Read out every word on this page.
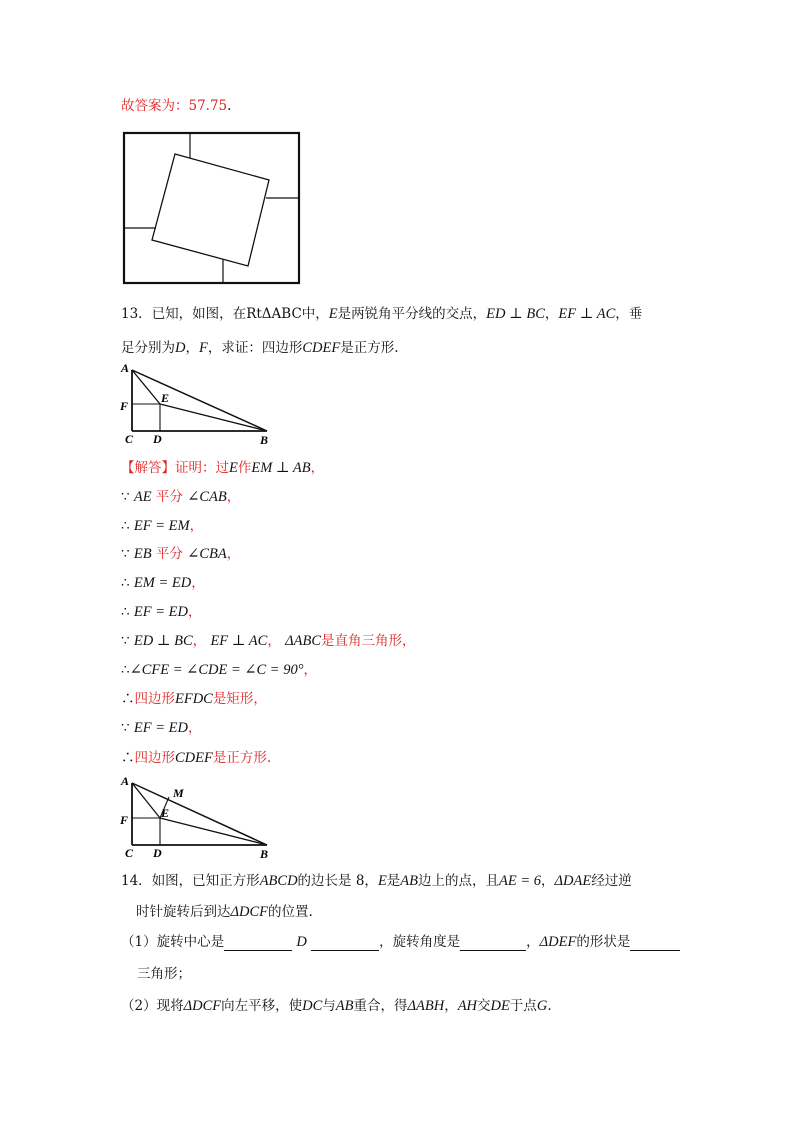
故答案为：57.75.
13．已知，如图，在RtΔABC中，E是两锐角平分线的交点，ED ⊥ BC，EF ⊥ AC，垂
足分别为D，F，求证：四边形CDEF是正方形.
A
E
F
C D	B
【解答】证明：过E作EM ⊥ AB，
∵ AE 平分 ∠CAB，
∴ EF = EM，
∵ EB 平分 ∠CBA，
∴ EM = ED，
∴ EF = ED，
∵ ED ⊥ BC， EF ⊥ AC， ΔABC是直角三角形，
∴∠CFE = ∠CDE = ∠C = 90°，
∴四边形EFDC是矩形，
∵ EF = ED，
∴四边形CDEF是正方形.
A
M
E
F
C D	B
14．如图，已知正方形ABCD的边长是 8，E是AB边上的点，且AE = 6，ΔDAE经过逆
时针旋转后到达ΔDCF的位置.
（1）旋转中心是	D	，旋转角度是	，ΔDEF的形状是
三角形；
（2）现将ΔDCF向左平移，使DC与AB重合，得ΔABH，AH交DE于点G.
